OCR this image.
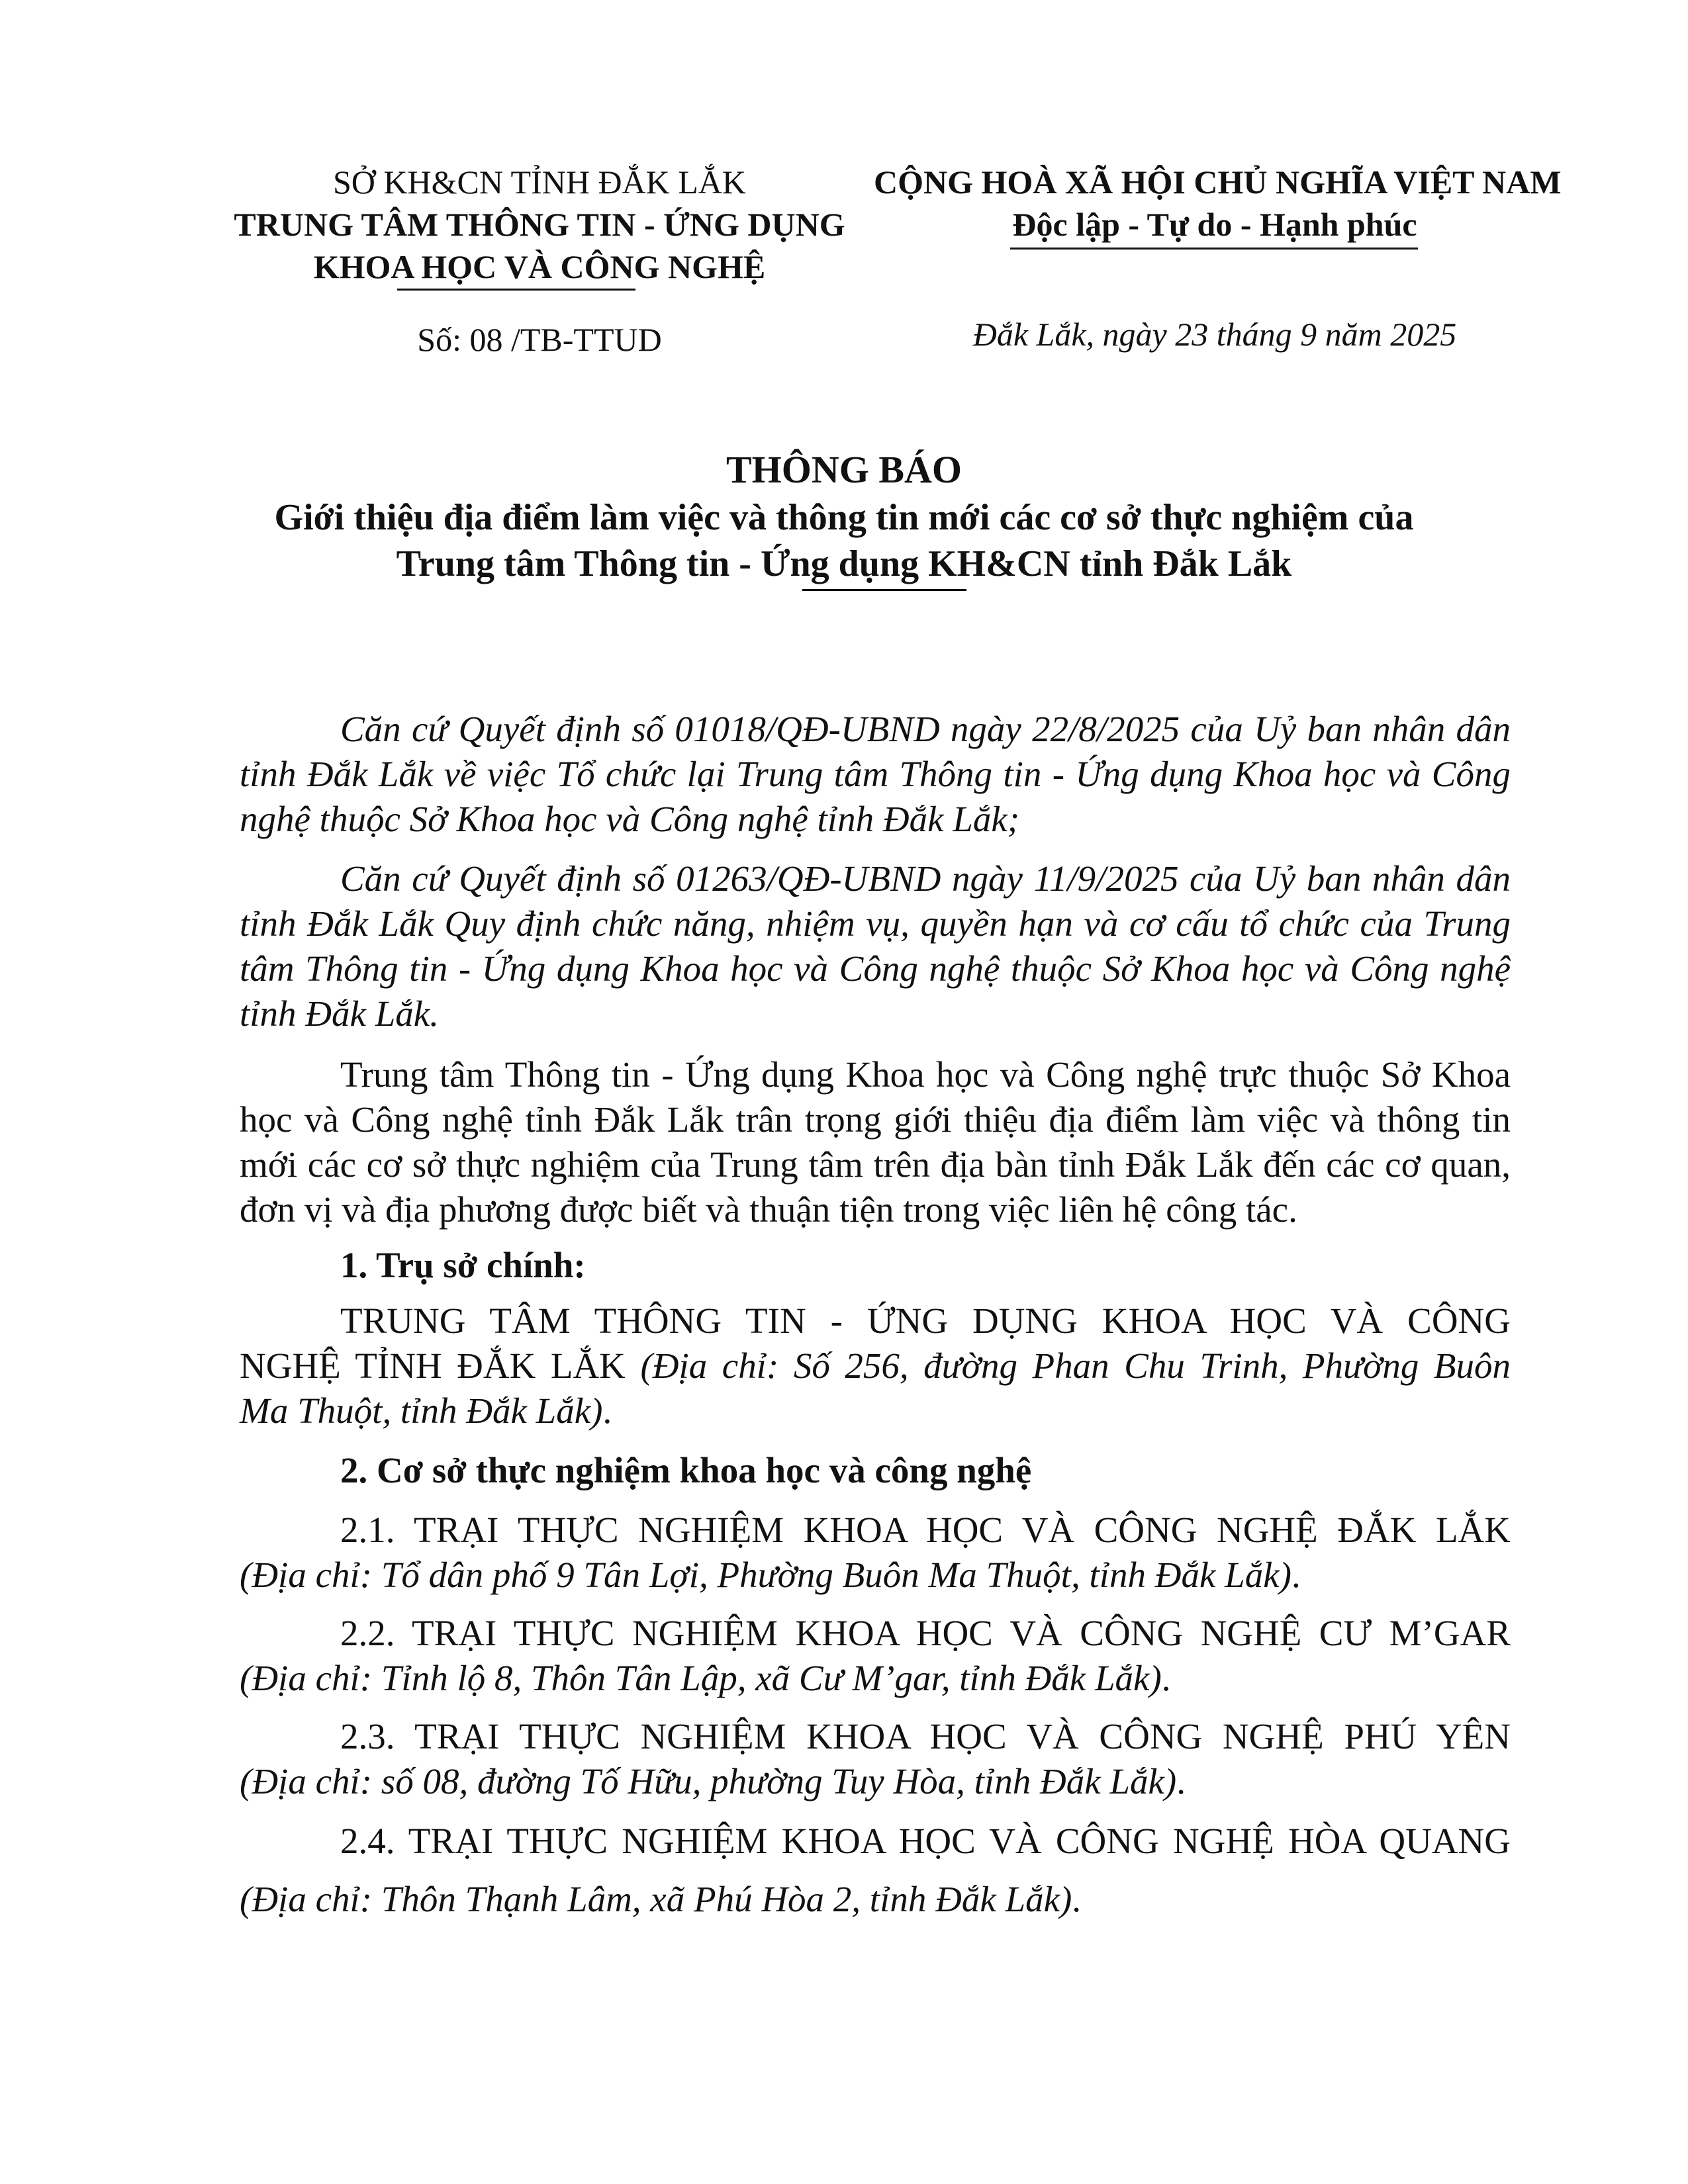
SỞ KH&CN TỈNH ĐẮK LẮK
TRUNG TÂM THÔNG TIN - ỨNG DỤNG
KHOA HỌC VÀ CÔNG NGHỆ
Số: 08 /TB-TTUD
CỘNG HOÀ XÃ HỘI CHỦ NGHĨA VIỆT NAM
Độc lập - Tự do - Hạnh phúc
Đắk Lắk, ngày 23 tháng 9 năm 2025
THÔNG BÁO
Giới thiệu địa điểm làm việc và thông tin mới các cơ sở thực nghiệm của
Trung tâm Thông tin - Ứng dụng KH&CN tỉnh Đắk Lắk
Căn cứ Quyết định số 01018/QĐ-UBND ngày 22/8/2025 của Uỷ ban nhân dân tỉnh Đắk Lắk về việc Tổ chức lại Trung tâm Thông tin - Ứng dụng Khoa học và Công nghệ thuộc Sở Khoa học và Công nghệ tỉnh Đắk Lắk;
Căn cứ Quyết định số 01263/QĐ-UBND ngày 11/9/2025 của Uỷ ban nhân dân tỉnh Đắk Lắk Quy định chức năng, nhiệm vụ, quyền hạn và cơ cấu tổ chức của Trung tâm Thông tin - Ứng dụng Khoa học và Công nghệ thuộc Sở Khoa học và Công nghệ tỉnh Đắk Lắk.
Trung tâm Thông tin - Ứng dụng Khoa học và Công nghệ trực thuộc Sở Khoa học và Công nghệ tỉnh Đắk Lắk trân trọng giới thiệu địa điểm làm việc và thông tin mới các cơ sở thực nghiệm của Trung tâm trên địa bàn tỉnh Đắk Lắk đến các cơ quan, đơn vị và địa phương được biết và thuận tiện trong việc liên hệ công tác.
1. Trụ sở chính:
TRUNG TÂM THÔNG TIN - ỨNG DỤNG KHOA HỌC VÀ CÔNG
NGHỆ TỈNH ĐẮK LẮK (Địa chỉ: Số 256, đường Phan Chu Trinh, Phường Buôn
Ma Thuột, tỉnh Đắk Lắk).
2. Cơ sở thực nghiệm khoa học và công nghệ
2.1. TRẠI THỰC NGHIỆM KHOA HỌC VÀ CÔNG NGHỆ ĐẮK LẮK
(Địa chỉ: Tổ dân phố 9 Tân Lợi, Phường Buôn Ma Thuột, tỉnh Đắk Lắk).
2.2. TRẠI THỰC NGHIỆM KHOA HỌC VÀ CÔNG NGHỆ CƯ M’GAR
(Địa chỉ: Tỉnh lộ 8, Thôn Tân Lập, xã Cư M’gar, tỉnh Đắk Lắk).
2.3. TRẠI THỰC NGHIỆM KHOA HỌC VÀ CÔNG NGHỆ PHÚ YÊN
(Địa chỉ: số 08, đường Tố Hữu, phường Tuy Hòa, tỉnh Đắk Lắk).
2.4. TRẠI THỰC NGHIỆM KHOA HỌC VÀ CÔNG NGHỆ HÒA QUANG
(Địa chỉ: Thôn Thạnh Lâm, xã Phú Hòa 2, tỉnh Đắk Lắk).
